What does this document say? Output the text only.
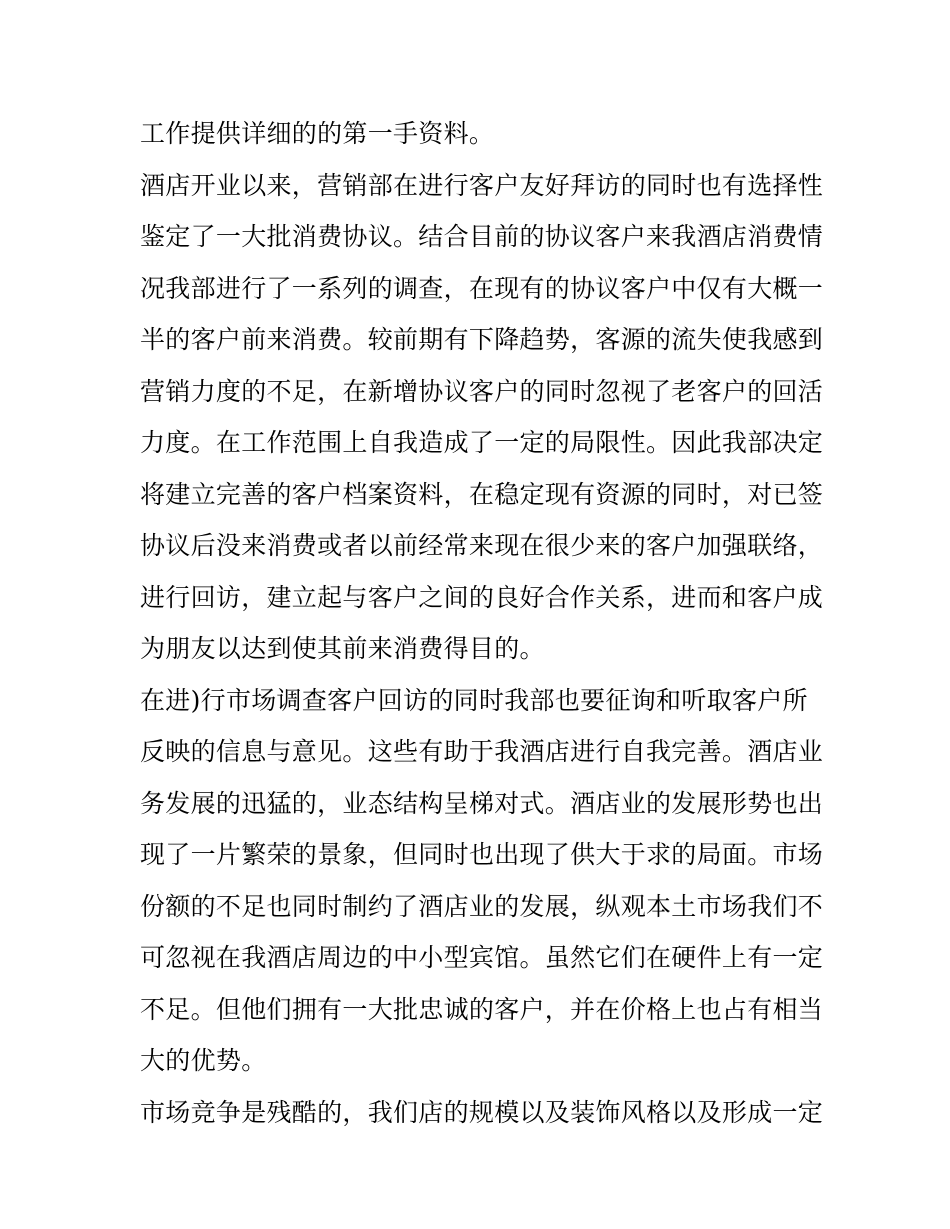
工作提供详细的的第一手资料。
酒店开业以来，营销部在进行客户友好拜访的同时也有选择性
鉴定了一大批消费协议。结合目前的协议客户来我酒店消费情
况我部进行了一系列的调查，在现有的协议客户中仅有大概一
半的客户前来消费。较前期有下降趋势，客源的流失使我感到
营销力度的不足，在新增协议客户的同时忽视了老客户的回活
力度。在工作范围上自我造成了一定的局限性。因此我部决定
将建立完善的客户档案资料，在稳定现有资源的同时，对已签
协议后没来消费或者以前经常来现在很少来的客户加强联络，
进行回访，建立起与客户之间的良好合作关系，进而和客户成
为朋友以达到使其前来消费得目的。
在进)行市场调查客户回访的同时我部也要征询和听取客户所
反映的信息与意见。这些有助于我酒店进行自我完善。酒店业
务发展的迅猛的，业态结构呈梯对式。酒店业的发展形势也出
现了一片繁荣的景象，但同时也出现了供大于求的局面。市场
份额的不足也同时制约了酒店业的发展，纵观本土市场我们不
可忽视在我酒店周边的中小型宾馆。虽然它们在硬件上有一定
不足。但他们拥有一大批忠诚的客户，并在价格上也占有相当
大的优势。
市场竞争是残酷的，我们店的规模以及装饰风格以及形成一定
